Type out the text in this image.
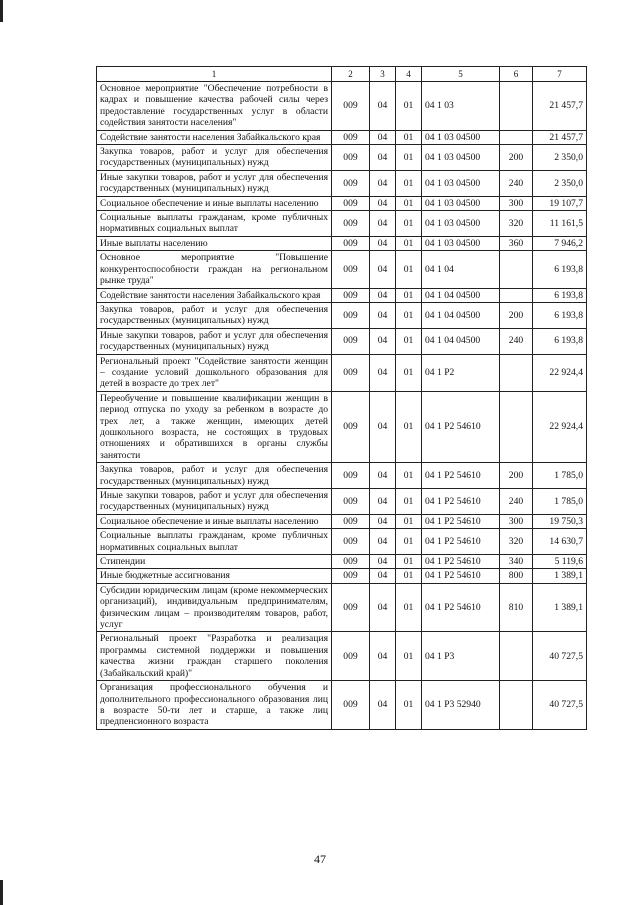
1	2	3	4	5	6	7
Основное мероприятие "Обеспечение потребности в кадрах и повышение качества рабочей силы через предоставление государственных услуг в области содействия занятости населения"	009	04	01	04 1 03		21 457,7
Содействие занятости населения Забайкальского края	009	04	01	04 1 03 04500		21 457,7
Закупка товаров, работ и услуг для обеспечения государственных (муниципальных) нужд	009	04	01	04 1 03 04500	200	2 350,0
Иные закупки товаров, работ и услуг для обеспечения государственных (муниципальных) нужд	009	04	01	04 1 03 04500	240	2 350,0
Социальное обеспечение и иные выплаты населению	009	04	01	04 1 03 04500	300	19 107,7
Социальные выплаты гражданам, кроме публичных нормативных социальных выплат	009	04	01	04 1 03 04500	320	11 161,5
Иные выплаты населению	009	04	01	04 1 03 04500	360	7 946,2
Основное мероприятие "Повышение конкурентоспособности граждан на региональном рынке труда"	009	04	01	04 1 04		6 193,8
Содействие занятости населения Забайкальского края	009	04	01	04 1 04 04500		6 193,8
Закупка товаров, работ и услуг для обеспечения государственных (муниципальных) нужд	009	04	01	04 1 04 04500	200	6 193,8
Иные закупки товаров, работ и услуг для обеспечения государственных (муниципальных) нужд	009	04	01	04 1 04 04500	240	6 193,8
Региональный проект "Содействие занятости женщин – создание условий дошкольного образования для детей в возрасте до трех лет"	009	04	01	04 1 P2		22 924,4
Переобучение и повышение квалификации женщин в период отпуска по уходу за ребенком в возрасте до трех лет, а также женщин, имеющих детей дошкольного возраста, не состоящих в трудовых отношениях и обратившихся в органы службы занятости	009	04	01	04 1 P2 54610		22 924,4
Закупка товаров, работ и услуг для обеспечения государственных (муниципальных) нужд	009	04	01	04 1 P2 54610	200	1 785,0
Иные закупки товаров, работ и услуг для обеспечения государственных (муниципальных) нужд	009	04	01	04 1 P2 54610	240	1 785,0
Социальное обеспечение и иные выплаты населению	009	04	01	04 1 P2 54610	300	19 750,3
Социальные выплаты гражданам, кроме публичных нормативных социальных выплат	009	04	01	04 1 P2 54610	320	14 630,7
Стипендии	009	04	01	04 1 P2 54610	340	5 119,6
Иные бюджетные ассигнования	009	04	01	04 1 P2 54610	800	1 389,1
Субсидии юридическим лицам (кроме некоммерческих организаций), индивидуальным предпринимателям, физическим лицам – производителям товаров, работ, услуг	009	04	01	04 1 P2 54610	810	1 389,1
Региональный проект "Разработка и реализация программы системной поддержки и повышения качества жизни граждан старшего поколения (Забайкальский край)"	009	04	01	04 1 P3		40 727,5
Организация профессионального обучения и дополнительного профессионального образования лиц в возрасте 50-ти лет и старше, а также лиц предпенсионного возраста	009	04	01	04 1 P3 52940		40 727,5
47
